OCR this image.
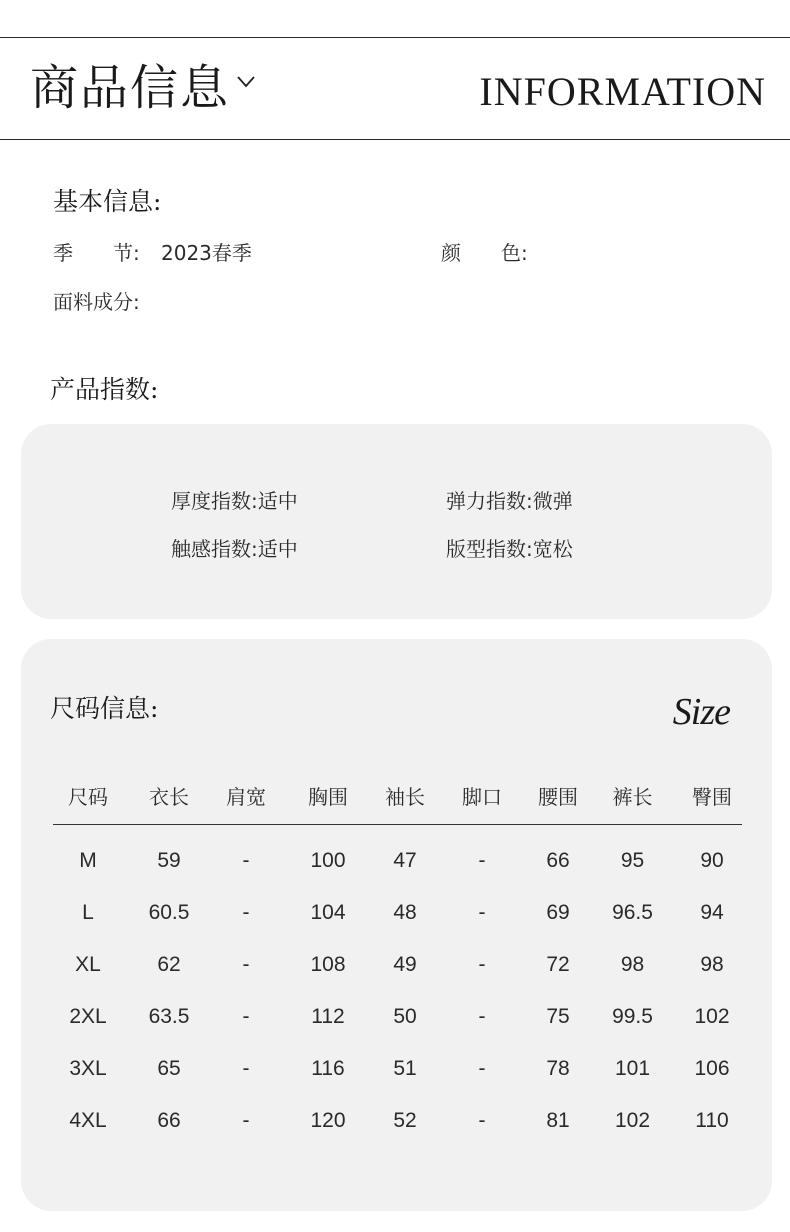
商品信息	INFORMATION
基本信息:
季　　节: 2023春季	颜　　色:
面料成分:
产品指数:
厚度指数:适中	弹力指数:微弹
触感指数:适中	版型指数:宽松
尺码信息:	Size
尺码	衣长	肩宽	胸围	袖长	脚口	腰围	裤长	臀围
M	59	-	100	47	-	66	95	90
L	60.5	-	104	48	-	69	96.5	94
XL	62	-	108	49	-	72	98	98
2XL	63.5	-	112	50	-	75	99.5	102
3XL	65	-	116	51	-	78	101	106
4XL	66	-	120	52	-	81	102	110
